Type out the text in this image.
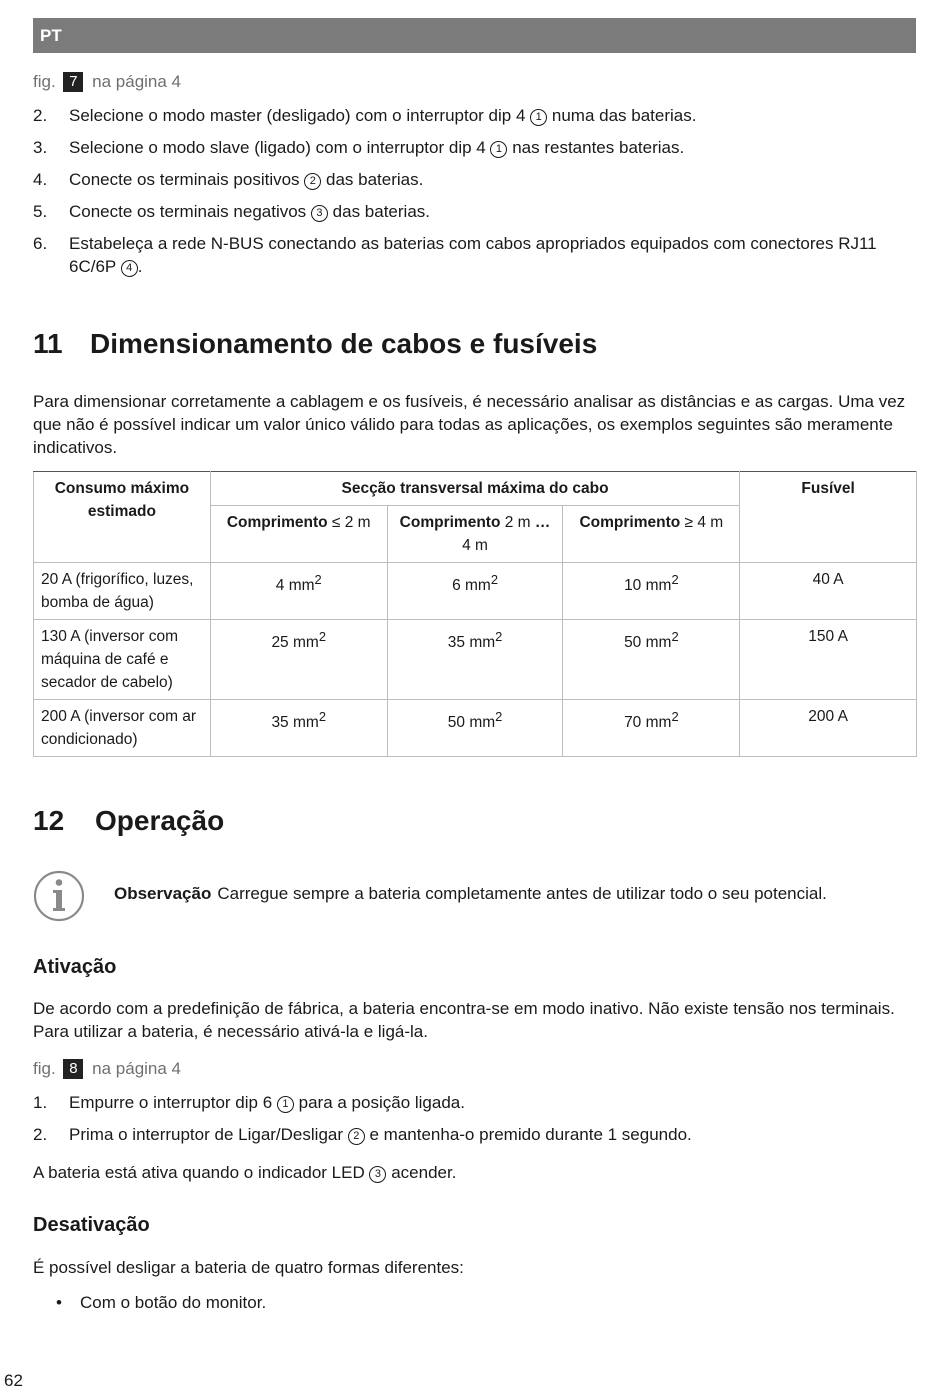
PT
fig. 7 na página 4
2. Selecione o modo master (desligado) com o interruptor dip 4 1 numa das baterias.
3. Selecione o modo slave (ligado) com o interruptor dip 4 1 nas restantes baterias.
4. Conecte os terminais positivos 2 das baterias.
5. Conecte os terminais negativos 3 das baterias.
6. Estabeleça a rede N-BUS conectando as baterias com cabos apropriados equipados com conectores RJ11 6C/6P 4 .
11 Dimensionamento de cabos e fusíveis

Para dimensionar corretamente a cablagem e os fusíveis, é necessário analisar as distâncias e as cargas. Uma vez que não é possível indicar um valor único válido para todas as aplicações, os exemplos seguintes são meramente indicativos.

Consumo máximo estimado	Secção transversal máxima do cabo			Fusível
	Comprimento ≤ 2 m	Comprimento 2 m … 4 m	Comprimento ≥ 4 m	
20 A (frigorífico, luzes, bomba de água)	4 $mm^2$	6 $mm^2$	10 $mm^2$	40 A
130 A (inversor com máquina de café e secador de cabelo)	25 $mm^2$	35 $mm^2$	50 $mm^2$	150 A
200 A (inversor com ar condicionado)	35 $mm^2$	50 $mm^2$	70 $mm^2$	200 A
12 Operação
Observação Carregue sempre a bateria completamente antes de utilizar todo o seu potencial.
Ativação

De acordo com a predefinição de fábrica, a bateria encontra-se em modo inativo. Não existe tensão nos terminais. Para utilizar a bateria, é necessário ativá-la e ligá-la.

fig. 8 na página 4
1. Empurre o interruptor dip 6 1 para a posição ligada.
2. Prima o interruptor de Ligar/Desligar 2 e mantenha-o premido durante 1 segundo.

A bateria está ativa quando o indicador LED 3 acender.

Desativação

É possível desligar a bateria de quatro formas diferentes:

• Com o botão do monitor.
62
